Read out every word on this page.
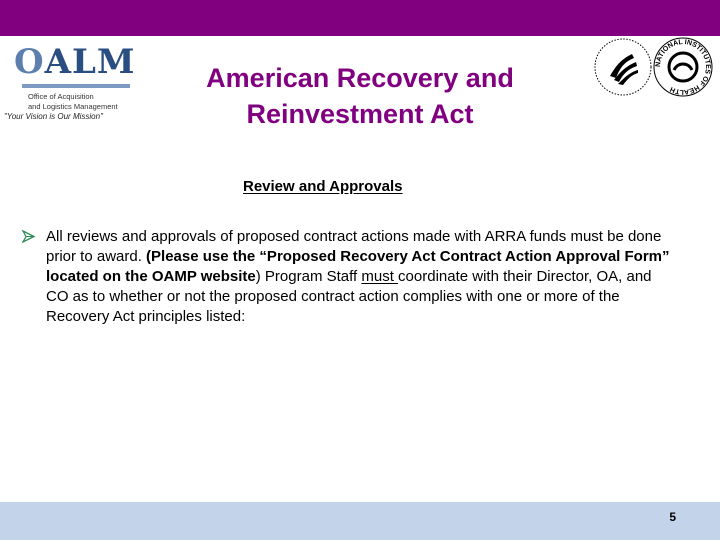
OALM
Office of Acquisition
and Logistics Management
"Your Vision is Our Mission"
American Recovery and
Reinvestment Act
NATIONAL INSTITUTES OF HEALTH
Review and Approvals
All reviews and approvals of proposed contract actions made with ARRA funds must be done prior to award. (Please use the “Proposed Recovery Act Contract Action Approval Form” located on the OAMP website) Program Staff must coordinate with their Director, OA, and CO as to whether or not the proposed contract action complies with one or more of the Recovery Act principles listed:
5
